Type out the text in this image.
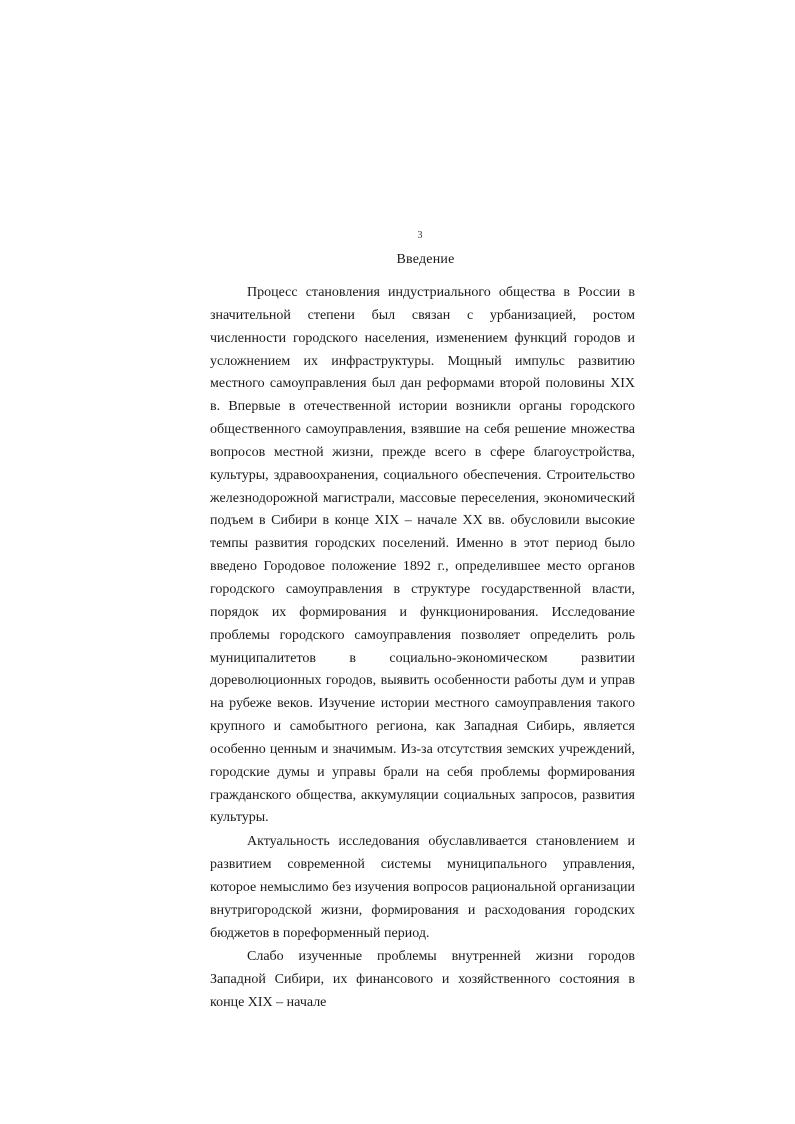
3
Введение

Процесс становления индустриального общества в России в значительной степени был связан с урбанизацией, ростом численности городского населения, изменением функций городов и усложнением их инфраструктуры. Мощный импульс развитию местного самоуправления был дан реформами второй половины XIX в. Впервые в отечественной истории возникли органы городского общественного самоуправления, взявшие на себя решение множества вопросов местной жизни, прежде всего в сфере благоустройства, культуры, здравоохранения, социального обеспечения. Строительство железнодорожной магистрали, массовые переселения, экономический подъем в Сибири в конце XIX – начале XX вв. обусловили высокие темпы развития городских поселений. Именно в этот период было введено Городовое положение 1892 г., определившее место органов городского самоуправления в структуре государственной власти, порядок их формирования и функционирования. Исследование проблемы городского самоуправления позволяет определить роль муниципалитетов в социально-экономическом развитии дореволюционных городов, выявить особенности работы дум и управ на рубеже веков. Изучение истории местного самоуправления такого крупного и самобытного региона, как Западная Сибирь, является особенно ценным и значимым. Из-за отсутствия земских учреждений, городские думы и управы брали на себя проблемы формирования гражданского общества, аккумуляции социальных запросов, развития культуры.

Актуальность исследования обуславливается становлением и развитием современной системы муниципального управления, которое немыслимо без изучения вопросов рациональной организации внутригородской жизни, формирования и расходования городских бюджетов в пореформенный период.

Слабо изученные проблемы внутренней жизни городов Западной Сибири, их финансового и хозяйственного состояния в конце XIX – начале
